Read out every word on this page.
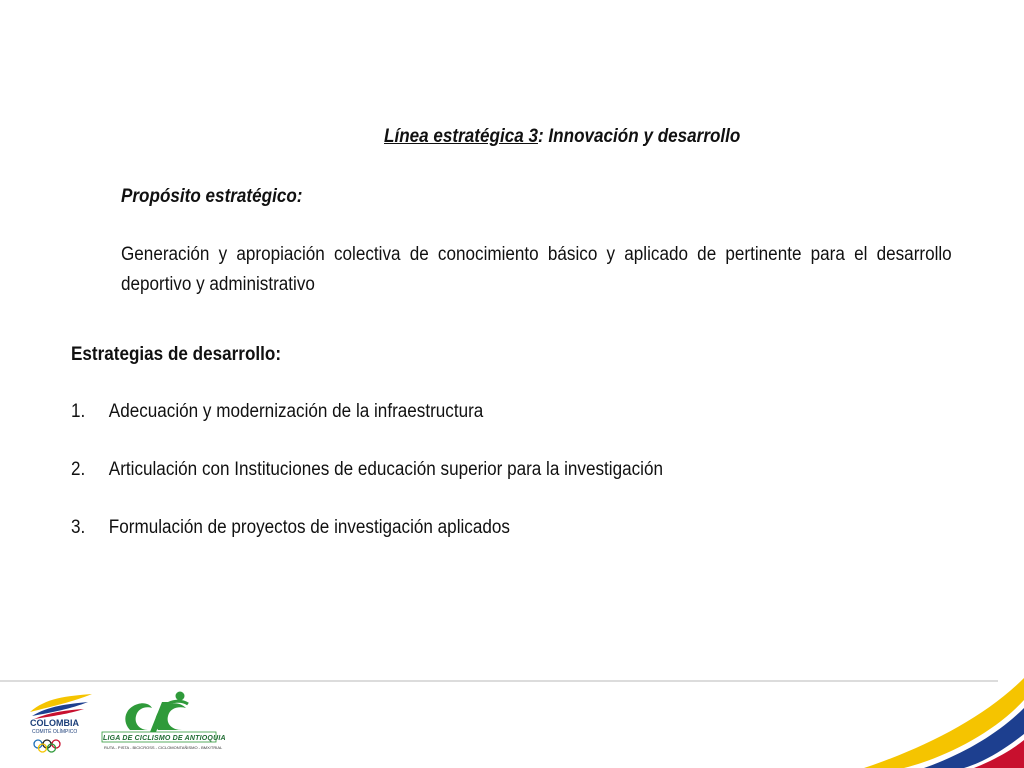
Línea estratégica 3: Innovación y desarrollo
Propósito estratégico:
Generación y apropiación colectiva de conocimiento básico y aplicado de pertinente para el desarrollo deportivo y administrativo
Estrategias de desarrollo:
1. Adecuación y modernización de la infraestructura
2. Articulación con Instituciones de educación superior para la investigación
3. Formulación de proyectos de investigación aplicados
COLOMBIA
COMITÉ OLÍMPICO
LIGA DE CICLISMO DE ANTIOQUIA
RUTA - PISTA - BICICROSS - CICLOMONTAÑISMO - BMX/TRIAL
